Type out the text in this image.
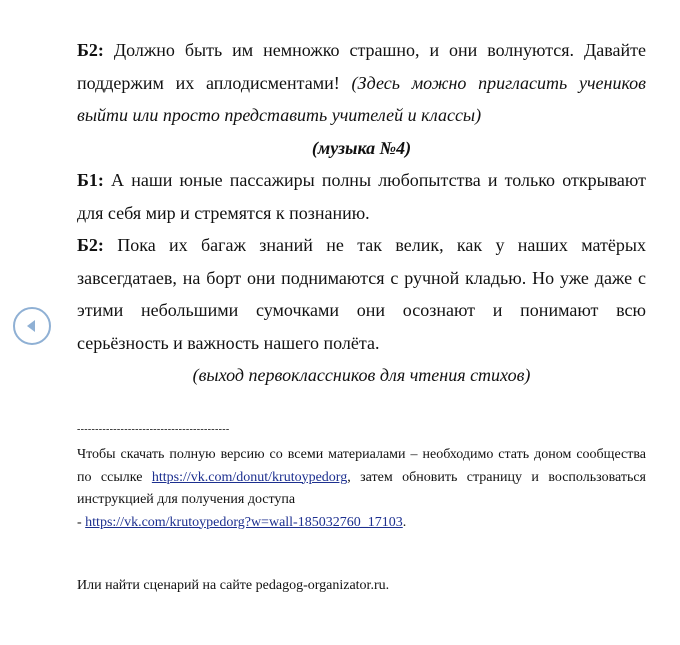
Б2: Должно быть им немножко страшно, и они волнуются. Давайте поддержим их аплодисментами! (Здесь можно пригласить учеников выйти или просто представить учителей и классы)

(музыка №4)

Б1: А наши юные пассажиры полны любопытства и только открывают для себя мир и стремятся к познанию.

Б2: Пока их багаж знаний не так велик, как у наших матёрых завсегдатаев, на борт они поднимаются с ручной кладью. Но уже даже с этими небольшими сумочками они осознают и понимают всю серьёзность и важность нашего полёта.

(выход первоклассников для чтения стихов)

------------------------------------------

Чтобы скачать полную версию со всеми материалами – необходимо стать доном сообщества по ссылке https://vk.com/donut/krutoypedorg, затем обновить страницу и воспользоваться инструкцией для получения доступа

- https://vk.com/krutoypedorg?w=wall-185032760_17103.

Или найти сценарий на сайте pedagog-organizator.ru.
